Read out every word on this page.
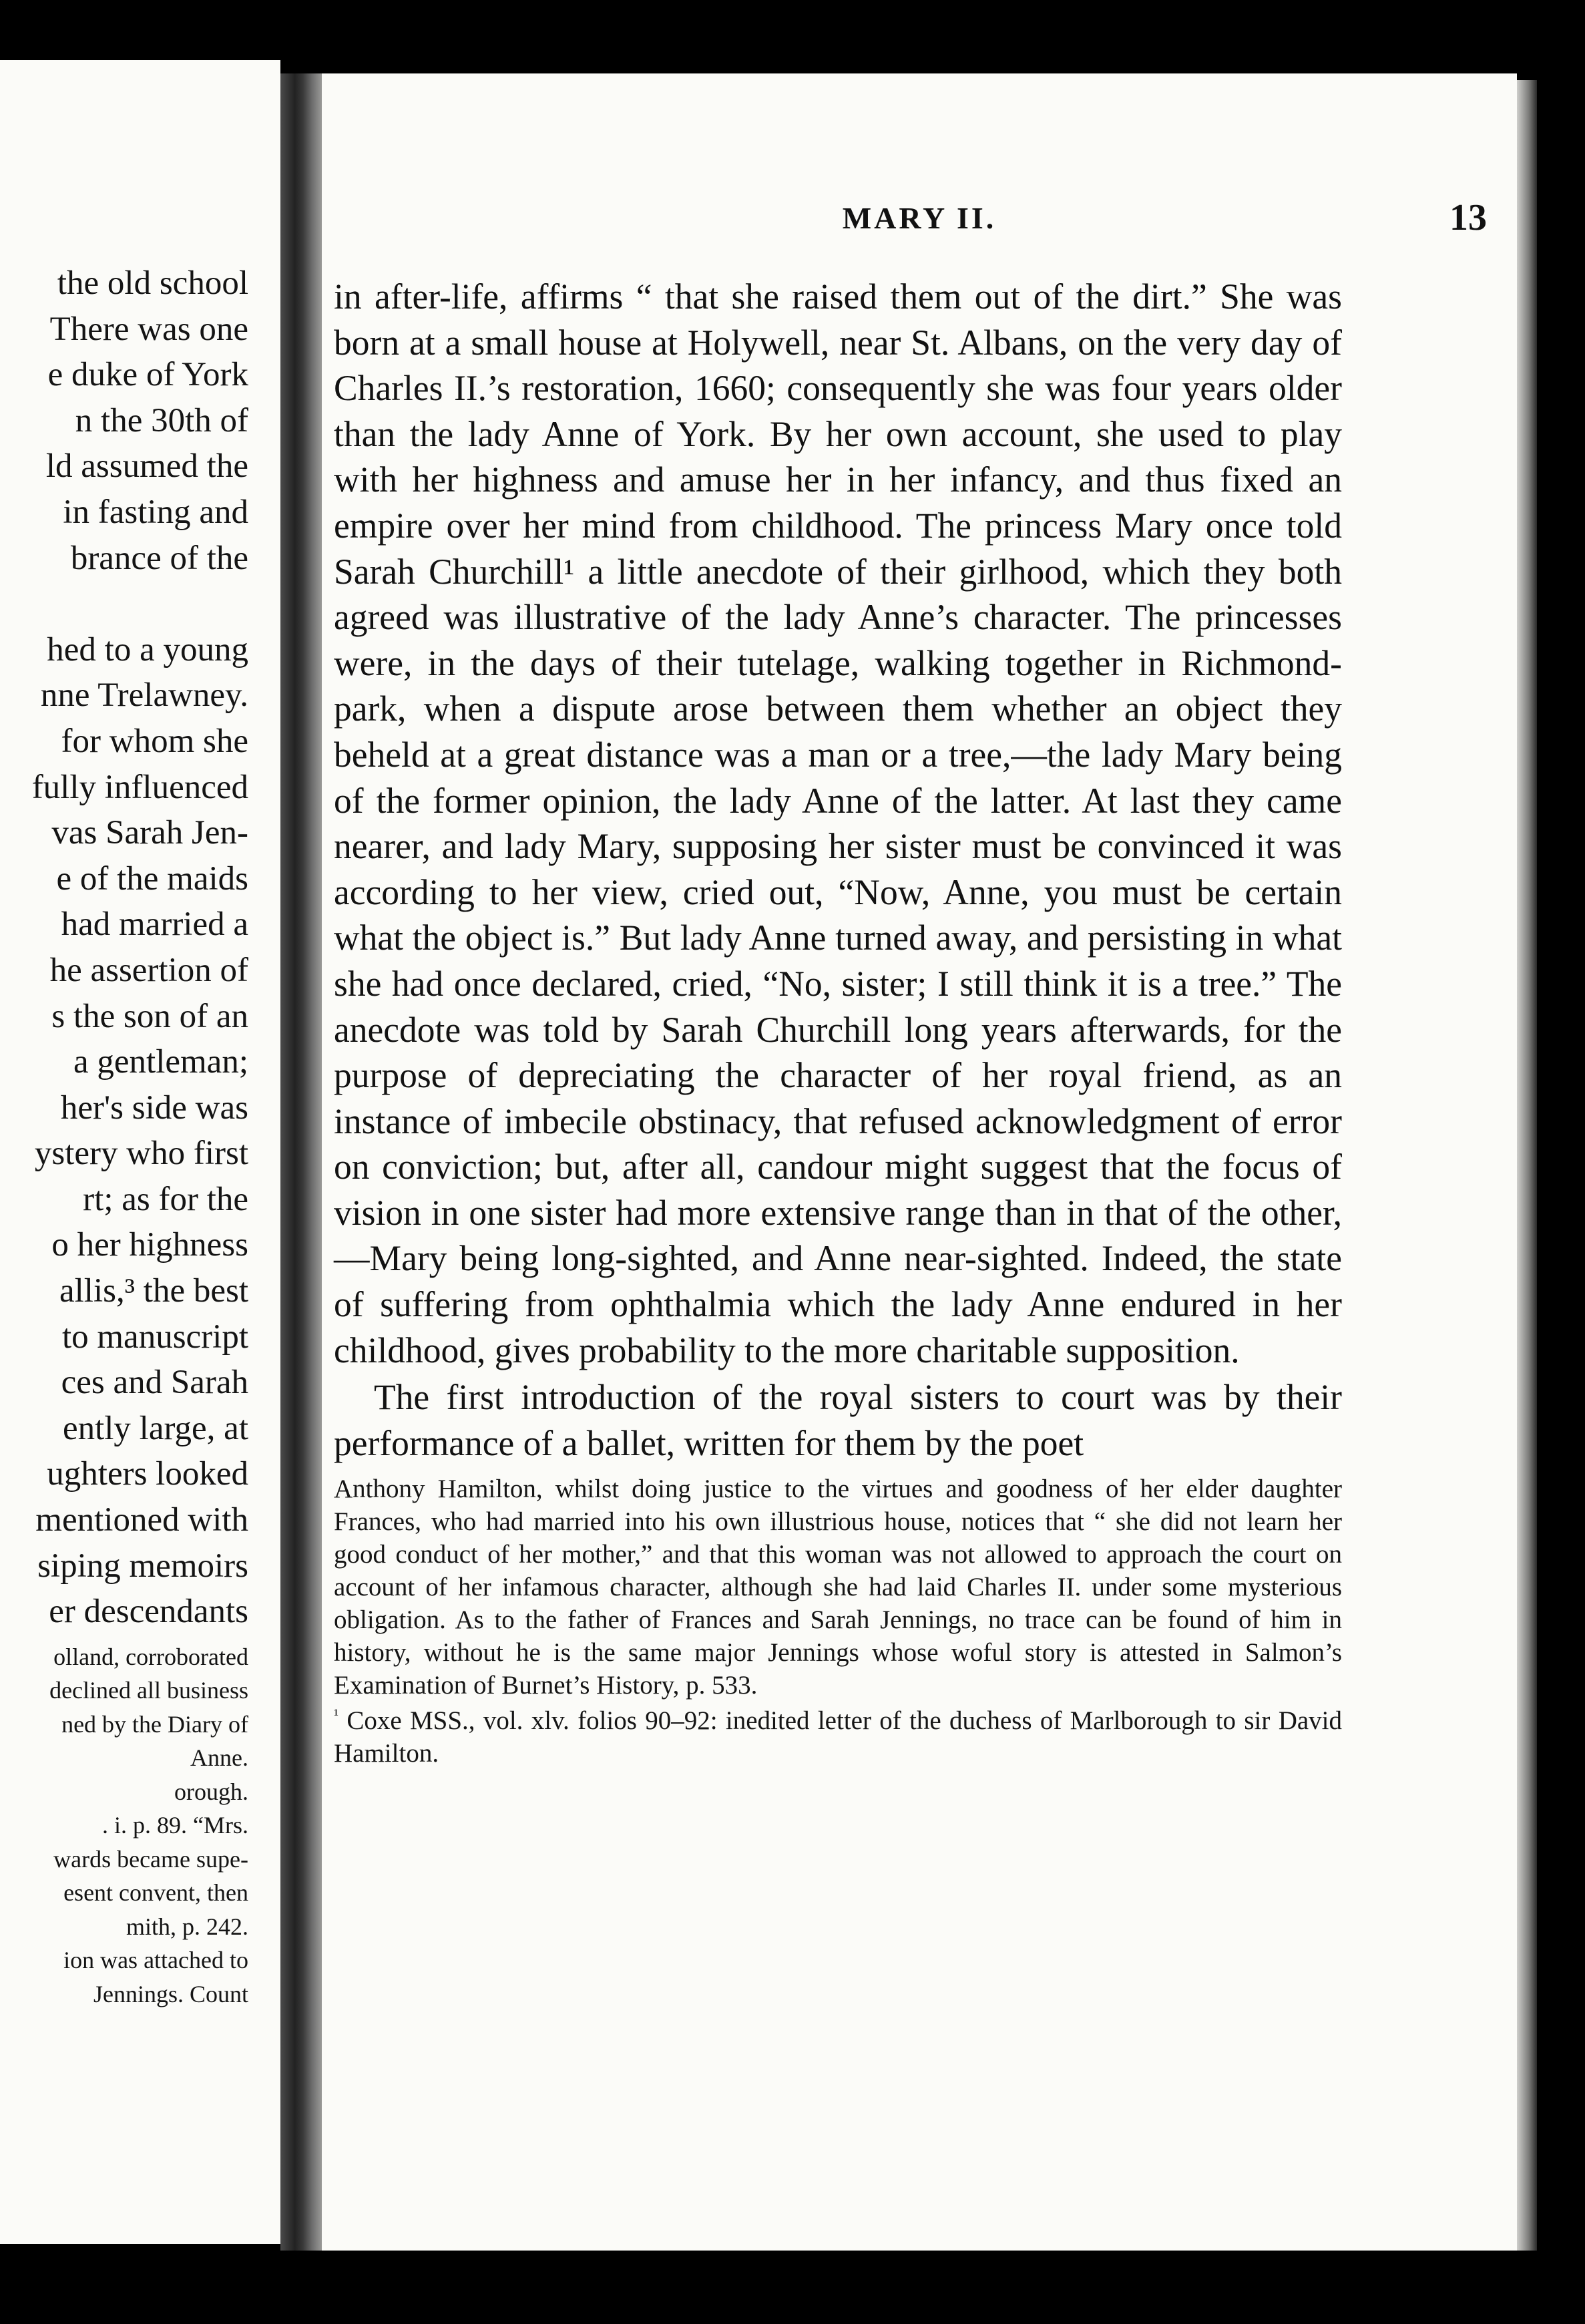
the old school
There was one
e duke of York
n the 30th of
ld assumed the
in fasting and
brance of the

hed to a young
nne Trelawney.
for whom she
fully influenced
vas Sarah Jen-
e of the maids
had married a
he assertion of
s the son of an
a gentleman;
her's side was
ystery who first
rt; as for the
o her highness
allis,³ the best
to manuscript
ces and Sarah
ently large, at
ughters looked
mentioned with
siping memoirs
er descendants
olland, corroborated
declined all business
ned by the Diary of
Anne.
orough.
. i. p. 89. “Mrs.
wards became supe-
esent convent, then
mith, p. 242.
ion was attached to
Jennings. Count
MARY II.	13

in after-life, affirms “ that she raised them out of the dirt.” She was born at a small house at Holywell, near St. Albans, on the very day of Charles II.’s restoration, 1660; consequently she was four years older than the lady Anne of York. By her own account, she used to play with her highness and amuse her in her infancy, and thus fixed an empire over her mind from childhood. The princess Mary once told Sarah Churchill¹ a little anecdote of their girlhood, which they both agreed was illustrative of the lady Anne’s character. The princesses were, in the days of their tutelage, walking together in Richmond-park, when a dispute arose between them whether an object they beheld at a great distance was a man or a tree,—the lady Mary being of the former opinion, the lady Anne of the latter. At last they came nearer, and lady Mary, supposing her sister must be convinced it was according to her view, cried out, “Now, Anne, you must be certain what the object is.” But lady Anne turned away, and persisting in what she had once declared, cried, “No, sister; I still think it is a tree.” The anecdote was told by Sarah Churchill long years afterwards, for the purpose of depreciating the character of her royal friend, as an instance of imbecile obstinacy, that refused acknowledgment of error on conviction; but, after all, candour might suggest that the focus of vision in one sister had more extensive range than in that of the other,—Mary being long-sighted, and Anne near-sighted. Indeed, the state of suffering from ophthalmia which the lady Anne endured in her childhood, gives probability to the more charitable supposition.

The first introduction of the royal sisters to court was by their performance of a ballet, written for them by the poet

Anthony Hamilton, whilst doing justice to the virtues and goodness of her elder daughter Frances, who had married into his own illustrious house, notices that “ she did not learn her good conduct of her mother,” and that this woman was not allowed to approach the court on account of her infamous character, although she had laid Charles II. under some mysterious obligation. As to the father of Frances and Sarah Jennings, no trace can be found of him in history, without he is the same major Jennings whose woful story is attested in Salmon’s Examination of Burnet’s History, p. 533.

$^{^1}$ Coxe MSS., vol. xlv. folios 90–92: inedited letter of the duchess of Marlborough to sir David Hamilton.
